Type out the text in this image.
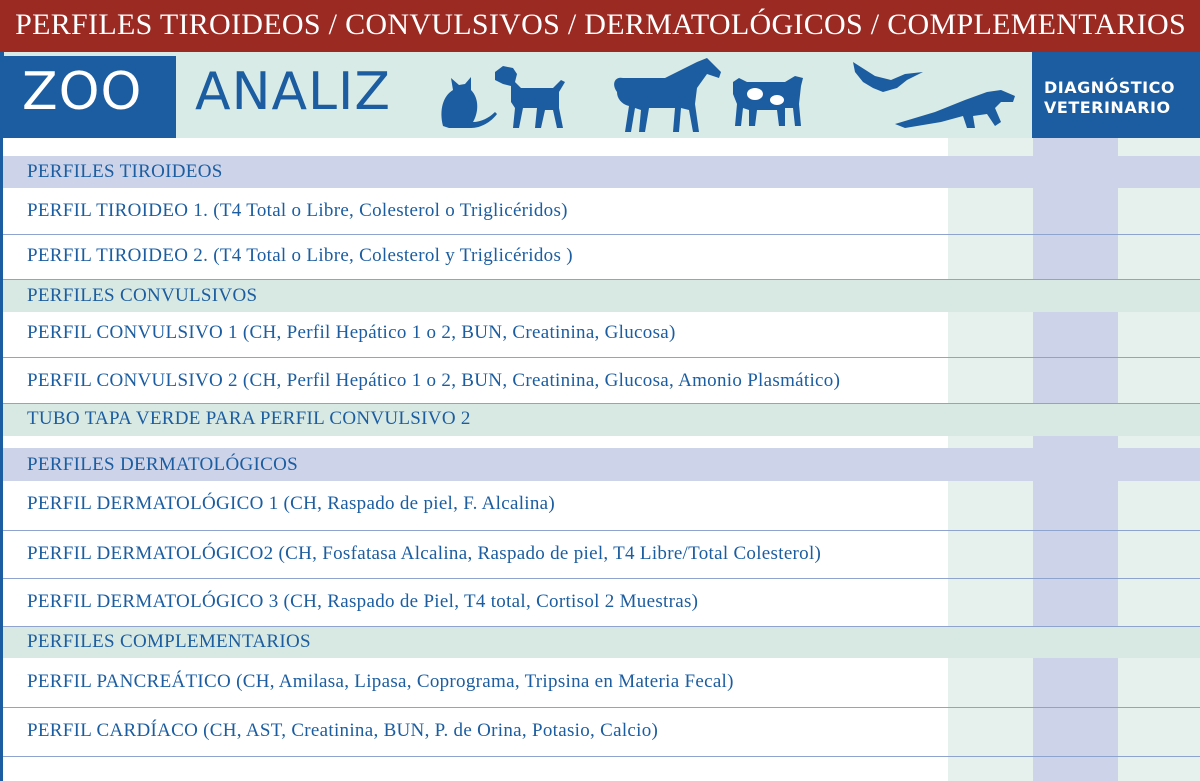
PERFILES TIROIDEOS / CONVULSIVOS / DERMATOLÓGICOS / COMPLEMENTARIOS
ZOO ANALIZ	DIAGNÓSTICO
VETERINARIO
PERFILES TIROIDEOS
PERFIL TIROIDEO 1. (T4 Total o Libre, Colesterol o Triglicéridos)
PERFIL TIROIDEO 2. (T4 Total o Libre, Colesterol y Triglicéridos )
PERFILES CONVULSIVOS
PERFIL CONVULSIVO 1 (CH, Perfil Hepático 1 o 2, BUN, Creatinina, Glucosa)
PERFIL CONVULSIVO 2 (CH, Perfil Hepático 1 o 2, BUN, Creatinina, Glucosa, Amonio Plasmático)
TUBO TAPA VERDE PARA PERFIL CONVULSIVO 2
PERFILES DERMATOLÓGICOS
PERFIL DERMATOLÓGICO 1 (CH, Raspado de piel, F. Alcalina)
PERFIL DERMATOLÓGICO2 (CH, Fosfatasa Alcalina, Raspado de piel, T4 Libre/Total Colesterol)
PERFIL DERMATOLÓGICO 3 (CH, Raspado de Piel, T4 total, Cortisol 2 Muestras)
PERFILES COMPLEMENTARIOS
PERFIL PANCREÁTICO (CH, Amilasa, Lipasa, Coprograma, Tripsina en Materia Fecal)
PERFIL CARDÍACO (CH, AST, Creatinina, BUN, P. de Orina, Potasio, Calcio)
